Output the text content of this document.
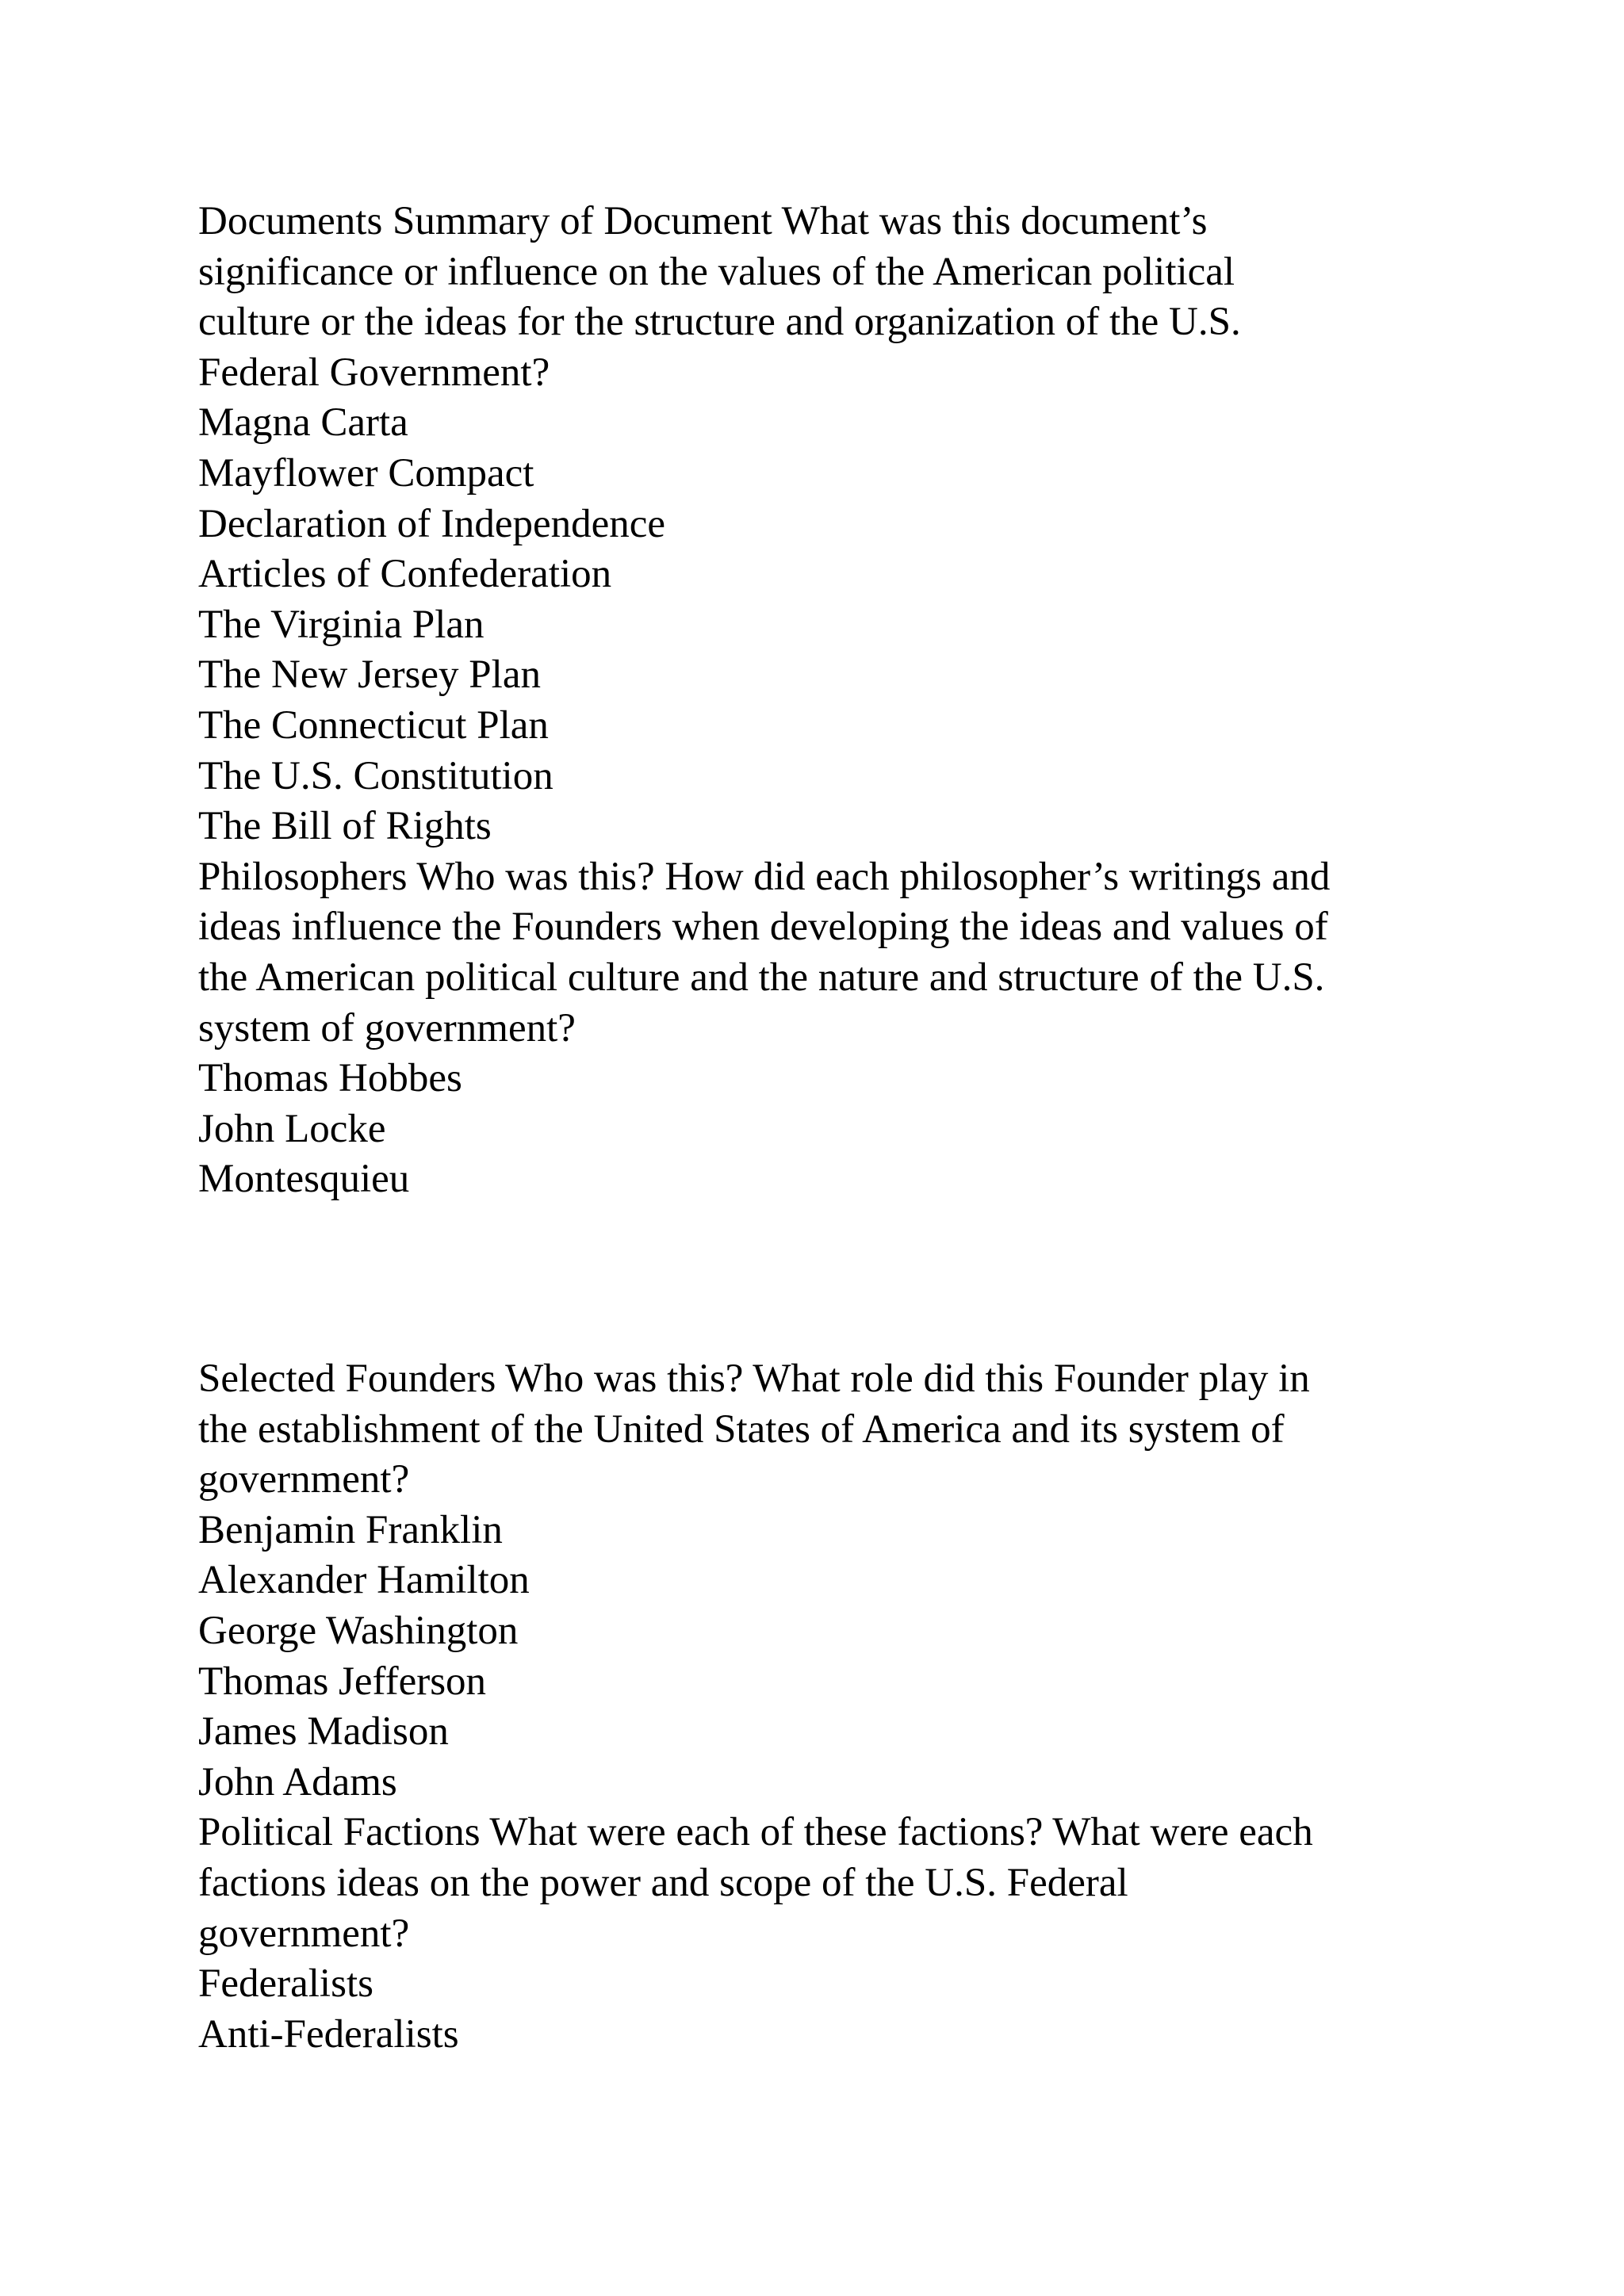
Documents Summary of Document What was this document’s
significance or influence on the values of the American political
culture or the ideas for the structure and organization of the U.S.
Federal Government?
Magna Carta
Mayflower Compact
Declaration of Independence
Articles of Confederation
The Virginia Plan
The New Jersey Plan
The Connecticut Plan
The U.S. Constitution
The Bill of Rights
Philosophers Who was this? How did each philosopher’s writings and
ideas influence the Founders when developing the ideas and values of
the American political culture and the nature and structure of the U.S.
system of government?
Thomas Hobbes
John Locke
Montesquieu
Selected Founders Who was this? What role did this Founder play in
the establishment of the United States of America and its system of
government?
Benjamin Franklin
Alexander Hamilton
George Washington
Thomas Jefferson
James Madison
John Adams
Political Factions What were each of these factions? What were each
factions ideas on the power and scope of the U.S. Federal
government?
Federalists
Anti-Federalists
